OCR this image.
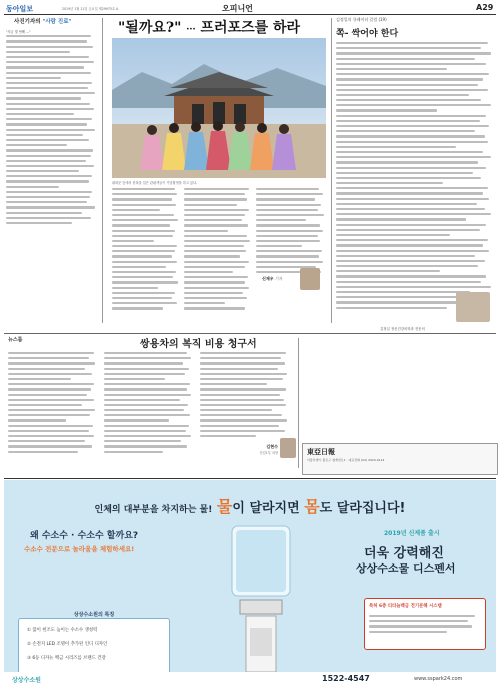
동아일보	2019년 1월 11일 금요일 제29975호 A	오피니언	A29
사진기자의 "사람 진료"
"지금 몇 번째 ..."	"될까요?" ··· 프러포즈를 하라
광화문 앞에서 한복을 입은 관광객들이 기념촬영을 하고 있다.
신재우 기자
김정일의 큐레이터 칼럼 (19)
쪽- 싹어야 한다
김정일 정신건강의학과 전문의
뉴스룸	쌍용차의 복직 비용 청구서
김현수
산업1부 차장	東亞日報
서울특별시 종로구 청계천로1 · 대표전화 (02) 2020-0114
인체의 대부분을 차지하는 물! 물이 달라지면 몸도 달라집니다!
왜 수소수 · 수소수 할까요?
수소수 전문으로 놀라움을 체험하세요!
상상수소원의 특징
① 끓이 헌조도 높이는 수소수 생성력
② 손전지 LED 조명이 추가된 인디 디자인
③ 6등 디자뉴 백금 시리즈를 브랜드 건강
2019년 신제품 출시
더욱 강력해진
상상수소물 디스펜서
특허 6층 티타늄백금 전기분해 시스템
상상수소원	1522-4547	www.sspark24.com
